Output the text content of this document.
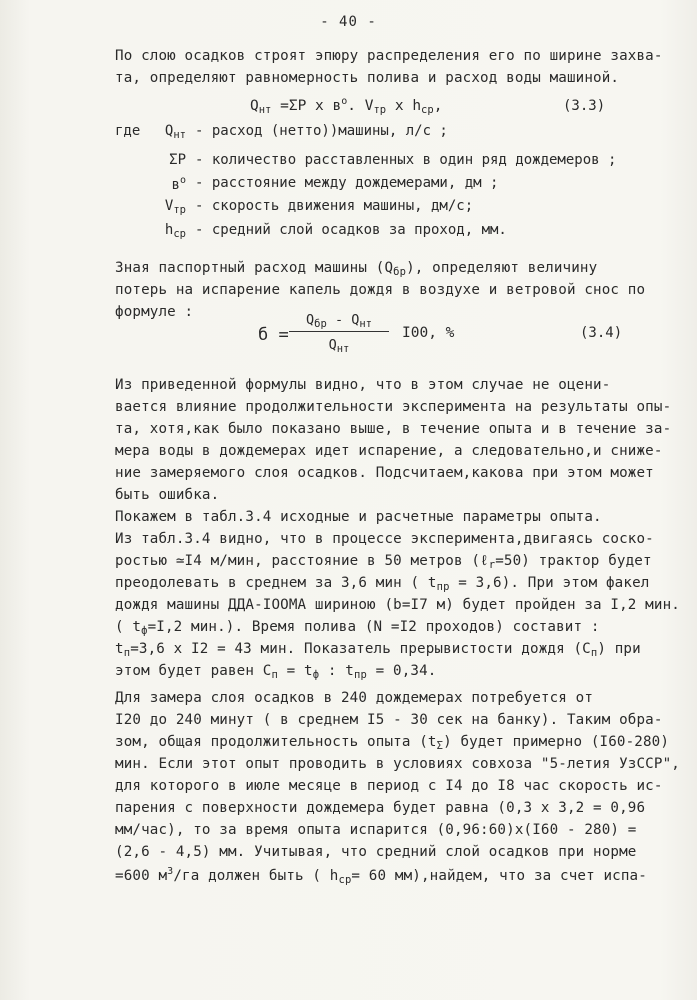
- 40 -
По слою осадков строят эпюру распределения его по ширине захва-
та, определяют равномерность полива и расход воды машиной.
$Q_{нт} =\Sigma P$ x $в^o$. $V_{тр}$ x $h_{ср}$,	(3.3)
где	$Q_{нт}$ - расход (нетто))машины, л/с ;
ΣP - количество расставленных в один ряд дождемеров ;
$в^o$ - расстояние между дождемерами, дм ;
$V_{тр}$ - скорость движения машины, дм/с;
$h_{ср}$ - средний слой осадков за проход, мм.
Зная паспортный расход машины $(Q_{бр})$, определяют величину
потерь на испарение капель дождя в воздухе и ветровой снос по
формуле :
б =
$Q_{бр} - Q_{нт}$
$Q_{нт}$
I00, %	(3.4)
Из приведенной формулы видно, что в этом случае не оцени-
вается влияние продолжительности эксперимента на результаты опы-
та, хотя,как было показано выше, в течение опыта и в течение за-
мера воды в дождемерах идет испарение, а следовательно,и сниже-
ние замеряемого слоя осадков. Подсчитаем,какова при этом может
быть ошибка.
Покажем в табл.3.4 исходные и расчетные параметры опыта.
Из табл.3.4 видно, что в процессе эксперимента,двигаясь соско-
ростью ≃I4 м/мин, расстояние в 50 метров (ℓ$_r$=50) трактор будет
преодолевать в среднем за 3,6 мин ( $t_{пр} = 3,6$). При этом факел
дождя машины ДДА-IOOMA шириною (b=I7 м) будет пройден за I,2 мин.
( $t_ф=I,2$ мин.). Время полива (N =I2 проходов) составит :
$t_п=3,6$ x I2 = 43 мин. Показатель прерывистости дождя $(C_п)$ при
этом будет равен $C_п = t_ф$ : $t_{пр} = 0,34$.
Для замера слоя осадков в 240 дождемерах потребуется от
I20 до 240 минут ( в среднем I5 - 30 сек на банку). Таким обра-
зом, общая продолжительность опыта $(t_\Sigma)$ будет примерно (I60-280)
мин. Если этот опыт проводить в условиях совхоза "5-летия УзССР",
для которого в июле месяце в период с I4 до I8 час скорость ис-
парения с поверхности дождемера будет равна (0,3 x 3,2 = 0,96
мм/час), то за время опыта испарится (0,96:60)x(I60 - 280) =
(2,6 - 4,5) мм. Учитывая, что средний слой осадков при норме
=600 $м^3/га$ должен быть ( $h_{ср}= 60$ мм),найдем, что за счет испа-
